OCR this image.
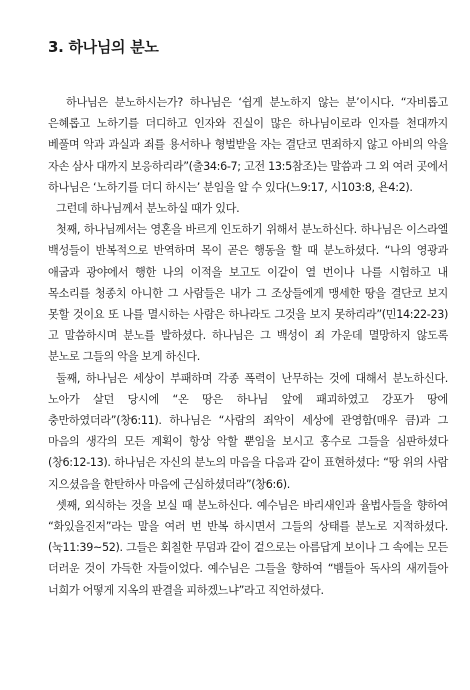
3. 하나님의 분노

하나님은 분노하시는가? 하나님은 ‘쉽게 분노하지 않는 분’이시다. “자비롭고 은혜롭고 노하기를 더디하고 인자와 진실이 많은 하나님이로라 인자를 천대까지 베풀며 악과 과실과 죄를 용서하나 형벌받을 자는 결단코 면죄하지 않고 아비의 악을 자손 삼사 대까지 보응하리라”(출34:6-7; 고전 13:5참조)는 말씀과 그 외 여러 곳에서 하나님은 ‘노하기를 더디 하시는’ 분임을 알 수 있다(느9:17, 시103:8, 욘4:2).

그런데 하나님께서 분노하실 때가 있다.

첫째, 하나님께서는 영혼을 바르게 인도하기 위해서 분노하신다. 하나님은 이스라엘 백성들이 반복적으로 반역하며 목이 곧은 행동을 할 때 분노하셨다. “나의 영광과 애굽과 광야에서 행한 나의 이적을 보고도 이같이 열 번이나 나를 시험하고 내 목소리를 청종치 아니한 그 사람들은 내가 그 조상들에게 맹세한 땅을 결단코 보지 못할 것이요 또 나를 멸시하는 사람은 하나라도 그것을 보지 못하리라”(민14:22-23)고 말씀하시며 분노를 발하셨다. 하나님은 그 백성이 죄 가운데 멸망하지 않도록 분노로 그들의 악을 보게 하신다.

둘째, 하나님은 세상이 부패하며 각종 폭력이 난무하는 것에 대해서 분노하신다. 노아가 살던 당시에 “온 땅은 하나님 앞에 패괴하였고 강포가 땅에 충만하였더라”(창6:11). 하나님은 “사람의 죄악이 세상에 관영함(매우 큼)과 그 마음의 생각의 모든 계획이 항상 악할 뿐임을 보시고 홍수로 그들을 심판하셨다(창6:12-13). 하나님은 자신의 분노의 마음을 다음과 같이 표현하셨다: “땅 위의 사람 지으셨음을 한탄하사 마음에 근심하셨더라”(창6:6).

셋째, 외식하는 것을 보실 때 분노하신다. 예수님은 바리새인과 율법사들을 향하여 “화있을진저”라는 말을 여러 번 반복 하시면서 그들의 상태를 분노로 지적하셨다.(눅11:39~52). 그들은 회칠한 무덤과 같이 겉으로는 아름답게 보이나 그 속에는 모든 더러운 것이 가득한 자들이었다. 예수님은 그들을 향하여 “뱀들아 독사의 새끼들아 너희가 어떻게 지옥의 판결을 피하겠느냐”라고 직언하셨다.
